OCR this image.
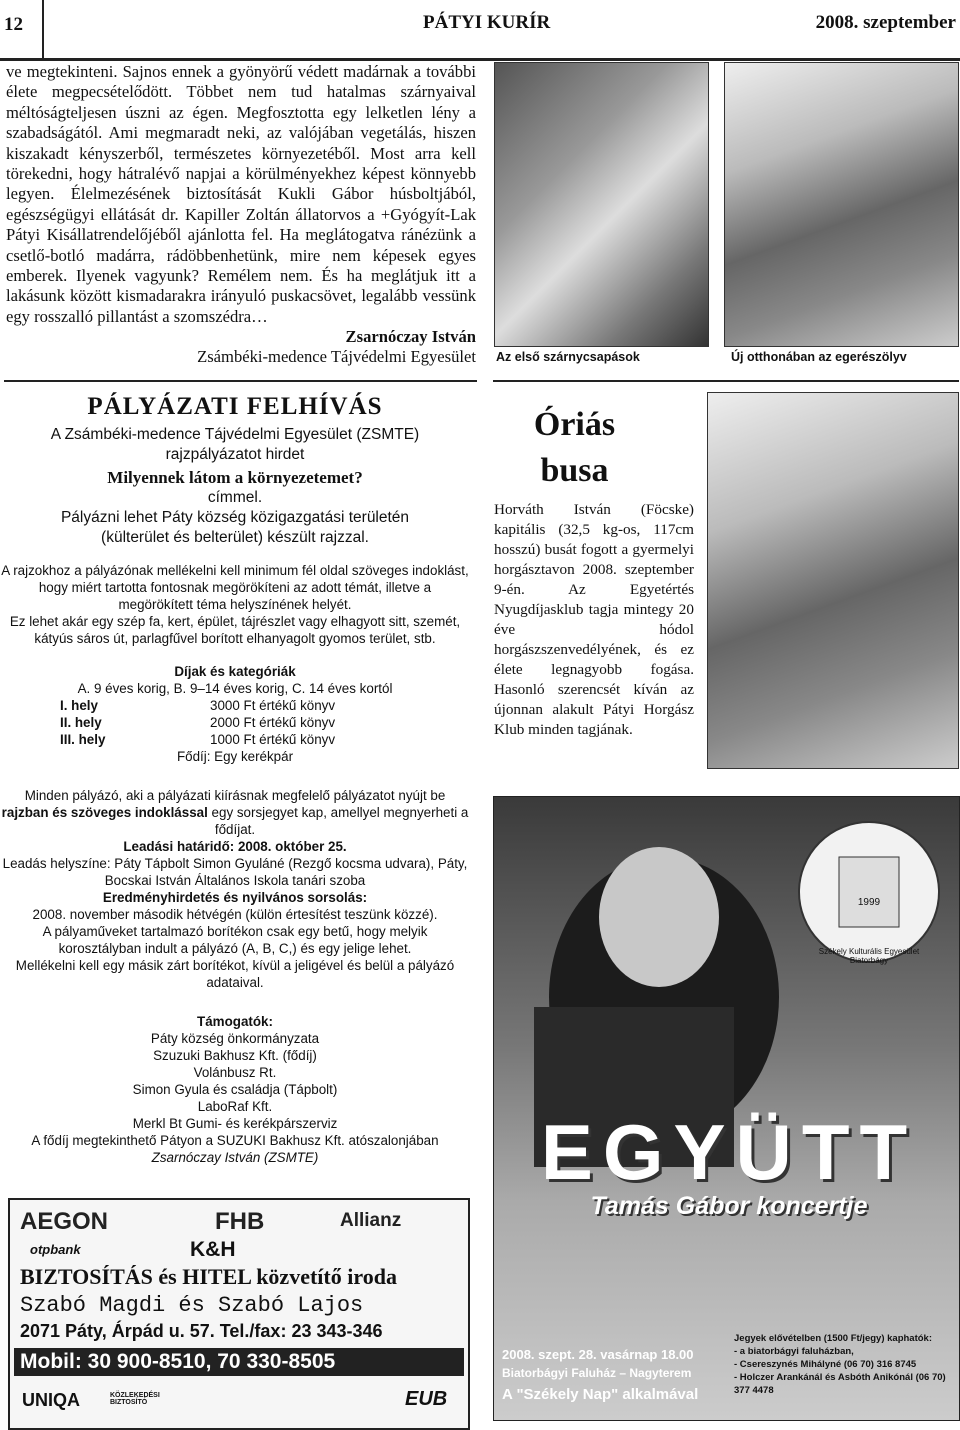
12	PÁTYI KURÍR	2008. szeptember

ve megtekinteni. Sajnos ennek a gyönyörű védett madárnak a további élete megpecsételődött. Többet nem tud hatalmas szárnyaival méltóságteljesen úszni az égen. Megfosztotta egy lelketlen lény a szabadságától. Ami megmaradt neki, az valójában vegetálás, hiszen kiszakadt kényszerből, természetes környezetéből. Most arra kell törekedni, hogy hátralévő napjai a körülményekhez képest könnyebb legyen. Élelmezésének biztosítását Kukli Gábor húsboltjából, egészségügyi ellátását dr. Kapiller Zoltán állatorvos a +Gyógyít-Lak Pátyi Kisállatrendelőjéből ajánlotta fel. Ha meglátogatva ránézünk a csetlő-botló madárra, rádöbbenhetünk, mire nem képesek egyes emberek. Ilyenek vagyunk? Remélem nem. És ha meglátjuk itt a lakásunk között kismadarakra irányuló puskacsövet, legalább vessünk egy rosszalló pillantást a szomszédra…

Zsarnóczay István
Zsámbéki-medence Tájvédelmi Egyesület Az első szárnycsapások	Új otthonában az egerészölyv
PÁLYÁZATI FELHÍVÁS
A Zsámbéki-medence Tájvédelmi Egyesület (ZSMTE)
rajzpályázatot hirdet
Milyennek látom a környezetemet?
címmel.
Pályázni lehet Páty község közigazgatási területén
(külterület és belterület) készült rajzzal.
A rajzokhoz a pályázónak mellékelni kell minimum fél oldal szöveges indoklást, hogy miért tartotta fontosnak megörökíteni az adott témát, illetve a megörökített téma helyszínének helyét.
Ez lehet akár egy szép fa, kert, épület, tájrészlet vagy elhagyott sitt, szemét, kátyús sáros út, parlagfűvel borított elhanyagolt gyomos terület, stb.
Díjak és kategóriák
A. 9 éves korig, B. 9–14 éves korig, C. 14 éves kortól
I. hely	3000 Ft értékű könyv
II. hely	2000 Ft értékű könyv
III. hely	1000 Ft értékű könyv
Fődíj: Egy kerékpár
Minden pályázó, aki a pályázati kiírásnak megfelelő pályázatot nyújt be rajzban és szöveges indoklással egy sorsjegyet kap, amellyel megnyerheti a fődíjat.
Leadási határidő: 2008. október 25.
Leadás helyszíne: Páty Tápbolt Simon Gyuláné (Rezgő kocsma udvara), Páty, Bocskai István Általános Iskola tanári szoba
Eredményhirdetés és nyilvános sorsolás:
2008. november második hétvégén (külön értesítést teszünk közzé).
A pályaműveket tartalmazó borítékon csak egy betű, hogy melyik korosztályban indult a pályázó (A, B, C,) és egy jelige lehet.
Mellékelni kell egy másik zárt borítékot, kívül a jeligével és belül a pályázó adataival.
Támogatók:
Páty község önkormányzata
Szuzuki Bakhusz Kft. (fődíj)
Volánbusz Rt.
Simon Gyula és családja (Tápbolt)
LaboRaf Kft.
Merkl Bt Gumi- és kerékpárszerviz
A fődíj megtekinthető Pátyon a SUZUKI Bakhusz Kft. atószalonjában
Zsarnóczay István (ZSMTE)
Óriás
busa
Horváth István (Föcske) kapitális (32,5 kg-os, 117cm hosszú) busát fogott a gyermelyi horgásztavon 2008. szeptember 9-én. Az Egyetértés Nyugdíjasklub tagja mintegy 20 éve hódol horgászszenvedélyének, és ez élete legnagyobb fogása. Hasonló szerencsét kíván az újonnan alakult Pátyi Horgász Klub minden tagjának.
1999
Székely Kulturális Egyesület Biatorbágy
EGYÜTT
Tamás Gábor koncertje
2008. szept. 28. vasárnap 18.00
Biatorbágyi Faluház – Nagyterem
A "Székely Nap" alkalmával
Jegyek elővételben (1500 Ft/jegy) kaphatók:
- a biatorbágyi faluházban,
- Csereszynés Mihályné (06 70) 316 8745
- Holczer Arankánál és Asbóth Anikónál (06 70) 377 4478
AEGON	FHB	Allianz
otpbank	K&H
BIZTOSÍTÁS és HITEL közvetítő iroda
Szabó Magdi és Szabó Lajos
2071 Páty, Árpád u. 57. Tel./fax: 23 343-346
Mobil: 30 900-8510, 70 330-8505
UNIQA	KÖZLEKEDÉSI BIZTOSÍTÓ	EUB
